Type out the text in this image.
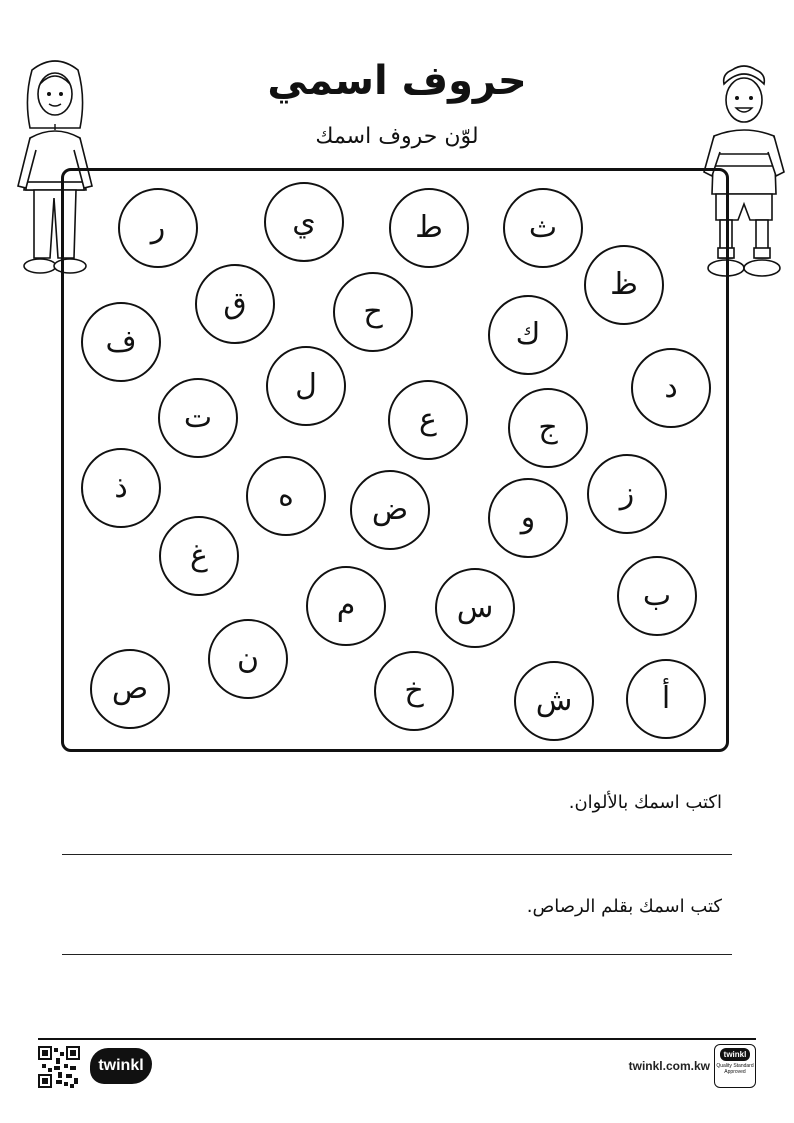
حروف اسمي
لوّن حروف اسمك
ر	ي	ط	ث
ظ
ف
ق	ح
ك
د
ت
ل
ع	ج
ذ	ه	ض	و
ز
غ
م	س	ب
ن
ص	خ	ش	أ
اكتب اسمك بالألوان.
كتب اسمك بقلم الرصاص.
twinkl	twinkl.com.kw
twinkl
Quality Standard Approved
